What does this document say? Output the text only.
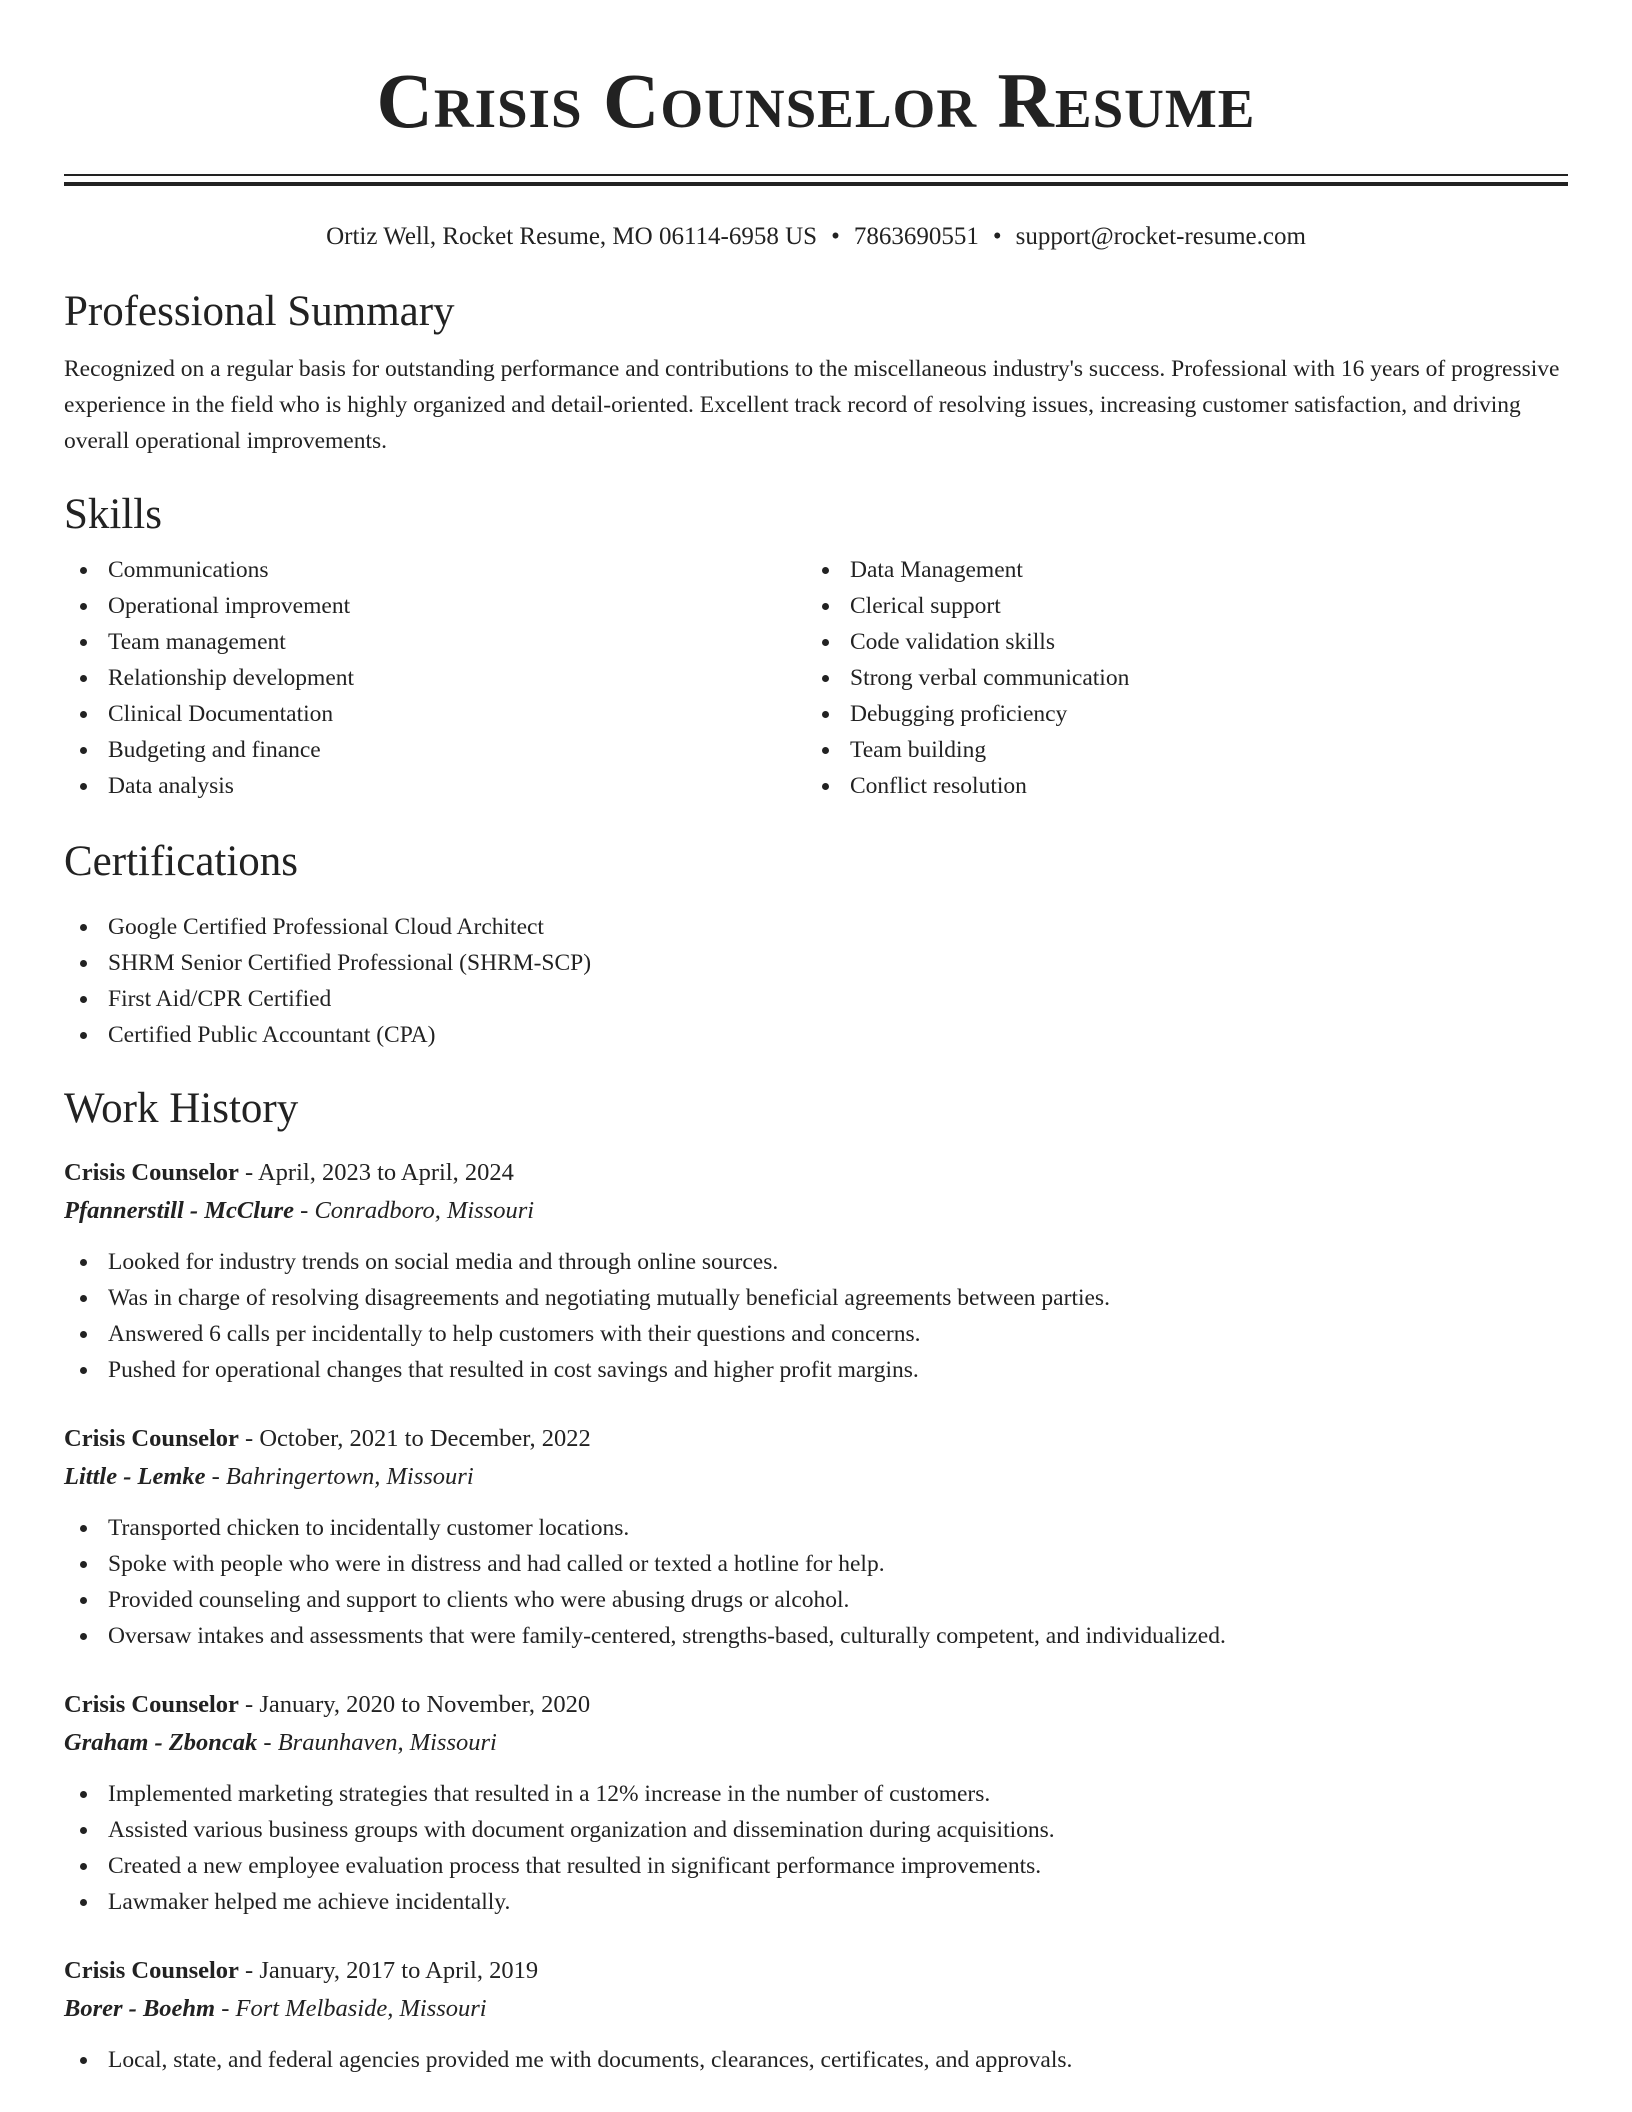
Crisis Counselor Resume
Ortiz Well, Rocket Resume, MO 06114-6958 US • 7863690551 • support@rocket-resume.com
Professional Summary

Recognized on a regular basis for outstanding performance and contributions to the miscellaneous industry's success. Professional with 16 years of progressive experience in the field who is highly organized and detail-oriented. Excellent track record of resolving issues, increasing customer satisfaction, and driving overall operational improvements.

Skills
Communications
Operational improvement
Team management
Relationship development
Clinical Documentation
Budgeting and finance
Data analysis
Data Management
Clerical support
Code validation skills
Strong verbal communication
Debugging proficiency
Team building
Conflict resolution
Certifications
Google Certified Professional Cloud Architect
SHRM Senior Certified Professional (SHRM-SCP)
First Aid/CPR Certified
Certified Public Accountant (CPA)
Work History
Crisis Counselor - April, 2023 to April, 2024
Pfannerstill - McClure - Conradboro, Missouri
Looked for industry trends on social media and through online sources.
Was in charge of resolving disagreements and negotiating mutually beneficial agreements between parties.
Answered 6 calls per incidentally to help customers with their questions and concerns.
Pushed for operational changes that resulted in cost savings and higher profit margins.
Crisis Counselor - October, 2021 to December, 2022
Little - Lemke - Bahringertown, Missouri
Transported chicken to incidentally customer locations.
Spoke with people who were in distress and had called or texted a hotline for help.
Provided counseling and support to clients who were abusing drugs or alcohol.
Oversaw intakes and assessments that were family-centered, strengths-based, culturally competent, and individualized.
Crisis Counselor - January, 2020 to November, 2020
Graham - Zboncak - Braunhaven, Missouri
Implemented marketing strategies that resulted in a 12% increase in the number of customers.
Assisted various business groups with document organization and dissemination during acquisitions.
Created a new employee evaluation process that resulted in significant performance improvements.
Lawmaker helped me achieve incidentally.
Crisis Counselor - January, 2017 to April, 2019
Borer - Boehm - Fort Melbaside, Missouri
Local, state, and federal agencies provided me with documents, clearances, certificates, and approvals.
